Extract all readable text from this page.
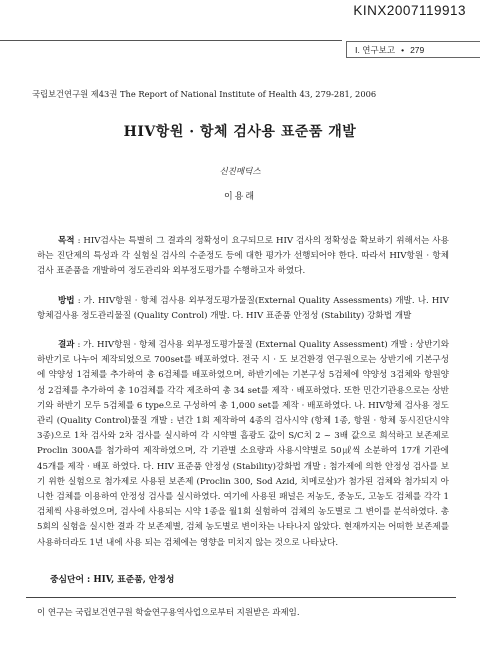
KINX2007119913
Ⅰ. 연구보고 • 279
국립보건연구원 제43권 The Report of National Institute of Health 43, 279-281, 2006
HIV항원 · 항체 검사용 표준품 개발
신진메딕스
이용래
목적 : HIV검사는 특별히 그 결과의 정확성이 요구되므로 HIV 검사의 정확성을 확보하기 위해서는 사용하는 진단제의 특성과 각 실험실 검사의 수준정도 등에 대한 평가가 선행되어야 한다. 따라서 HIV항원 · 항체 검사 표준품을 개발하여 정도관리와 외부정도평가를 수행하고자 하였다.
방법 : 가. HIV항원 · 항체 검사용 외부정도평가물질(External Quality Assessments) 개발. 나. HIV항체검사용 정도관리물질 (Quality Control) 개발. 다. HIV 표준품 안정성 (Stability) 강화법 개발
결과 : 가. HIV항원 · 항체 검사용 외부정도평가물질 (External Quality Assessment) 개발 : 상반기와 하반기로 나누어 제작되었으로 700set를 배포하였다. 전국 시 · 도 보건환경 연구원으로는 상반기에 기본구성에 약양성 1검체를 추가하여 총 6검체를 배포하였으며, 하반기에는 기본구성 5검체에 약양성 3검체와 항원양성 2검체를 추가하여 총 10검체를 각각 제조하여 총 34 set를 제작 · 배포하였다. 또한 민간기관용으로는 상반기와 하반기 모두 5검체를 6 type으로 구성하여 총 1,000 set를 제작 · 배포하였다. 나. HIV항체 검사용 정도관리 (Quality Control)물질 개발 : 년간 1회 제작하여 4종의 검사시약 (항체 1종, 항원 · 항체 동시진단시약 3종)으로 1차 검사와 2차 검사를 실시하여 각 시약별 흡광도 값이 S/C치 2 ~ 3배 값으로 희석하고 보존제로 Proclin 300A를 첨가하여 제작하였으며, 각 기관별 소요량과 사용시약별로 50㎕씩 소분하여 17개 기관에 45개를 제작 · 배포 하였다. 다. HIV 표준품 안정성 (Stability)강화법 개발 : 첨가제에 의한 안정성 검사를 보기 위한 실험으로 첨가제로 사용된 보존제 (Proclin 300, Sod Azid, 치메로살)가 첨가된 검체와 첨가되지 아니한 검체를 이용하여 안정성 검사를 실시하였다. 여기에 사용된 패널은 저농도, 중농도, 고농도 검체를 각각 1검체씩 사용하였으며, 검사에 사용되는 시약 1종을 월1회 실험하여 검체의 농도별로 그 변이를 분석하였다. 총 5회의 실험을 실시한 결과 각 보존제별, 검체 농도별로 변이차는 나타나지 않았다. 현재까지는 어떠한 보존제를 사용하더라도 1년 내에 사용 되는 검체에는 영향을 미치지 않는 것으로 나타났다.
중심단어 : HIV, 표준품, 안정성
이 연구는 국립보건연구원 학술연구용역사업으로부터 지원받은 과제임.
